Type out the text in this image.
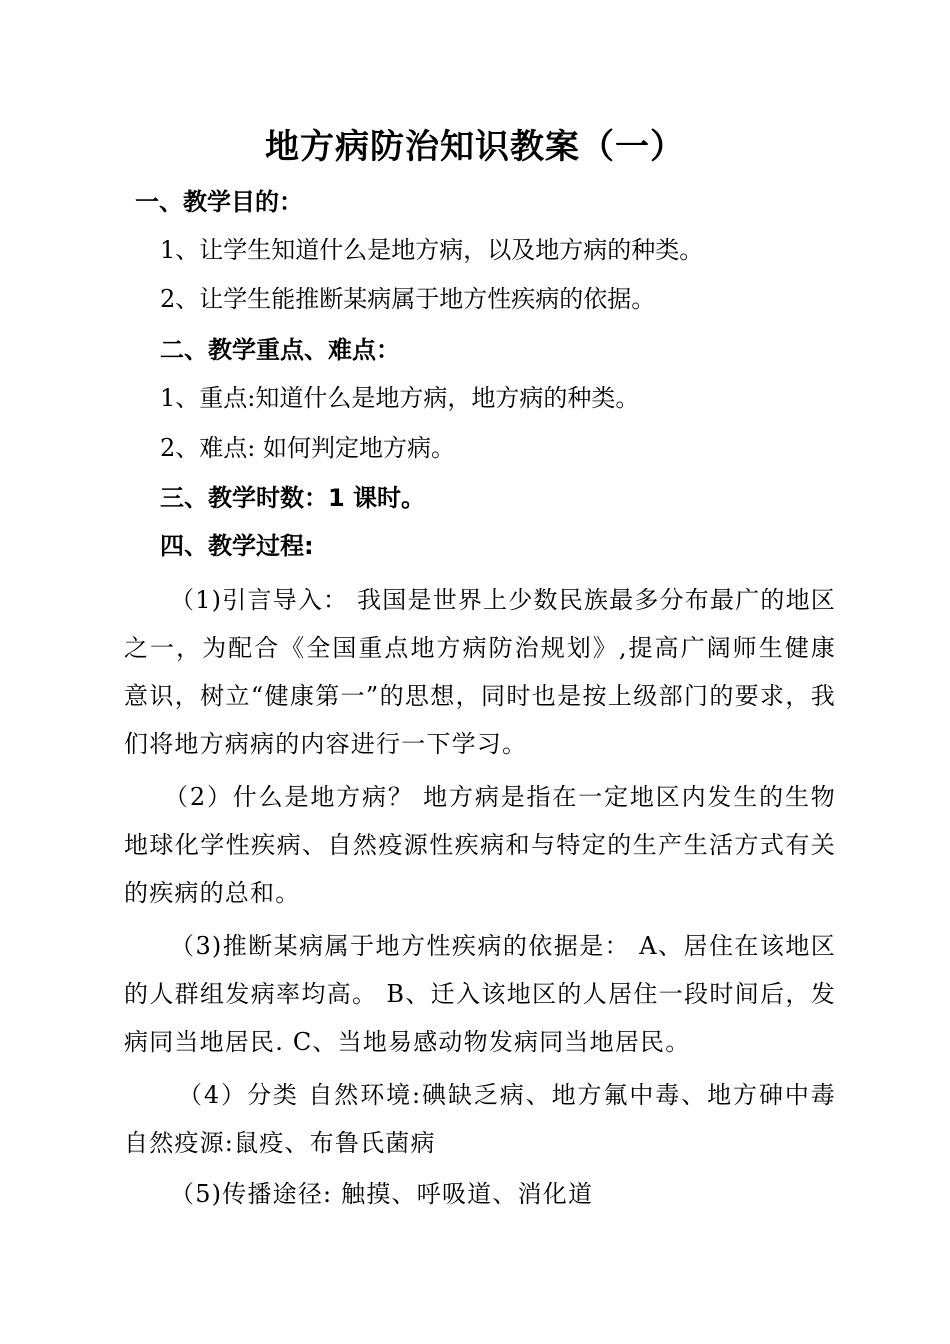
地方病防治知识教案（一）
一、教学目的：
1、让学生知道什么是地方病，以及地方病的种类。
2、让学生能推断某病属于地方性疾病的依据。
二、教学重点、难点：
1、重点:知道什么是地方病，地方病的种类。
2、难点: 如何判定地方病。
三、教学时数：1 课时。
四、教学过程:
（1)引言导入： 我国是世界上少数民族最多分布最广的地区之一，为配合《全国重点地方病防治规划》,提高广阔师生健康意识，树立“健康第一”的思想，同时也是按上级部门的要求，我们将地方病病的内容进行一下学习。
（2）什么是地方病？ 地方病是指在一定地区内发生的生物地球化学性疾病、自然疫源性疾病和与特定的生产生活方式有关的疾病的总和。
（3)推断某病属于地方性疾病的依据是： A、居住在该地区的人群组发病率均高。 B、迁入该地区的人居住一段时间后，发病同当地居民. C、当地易感动物发病同当地居民。
（4）分类 自然环境:碘缺乏病、地方氟中毒、地方砷中毒自然疫源:鼠疫、布鲁氏菌病
（5)传播途径: 触摸、呼吸道、消化道
